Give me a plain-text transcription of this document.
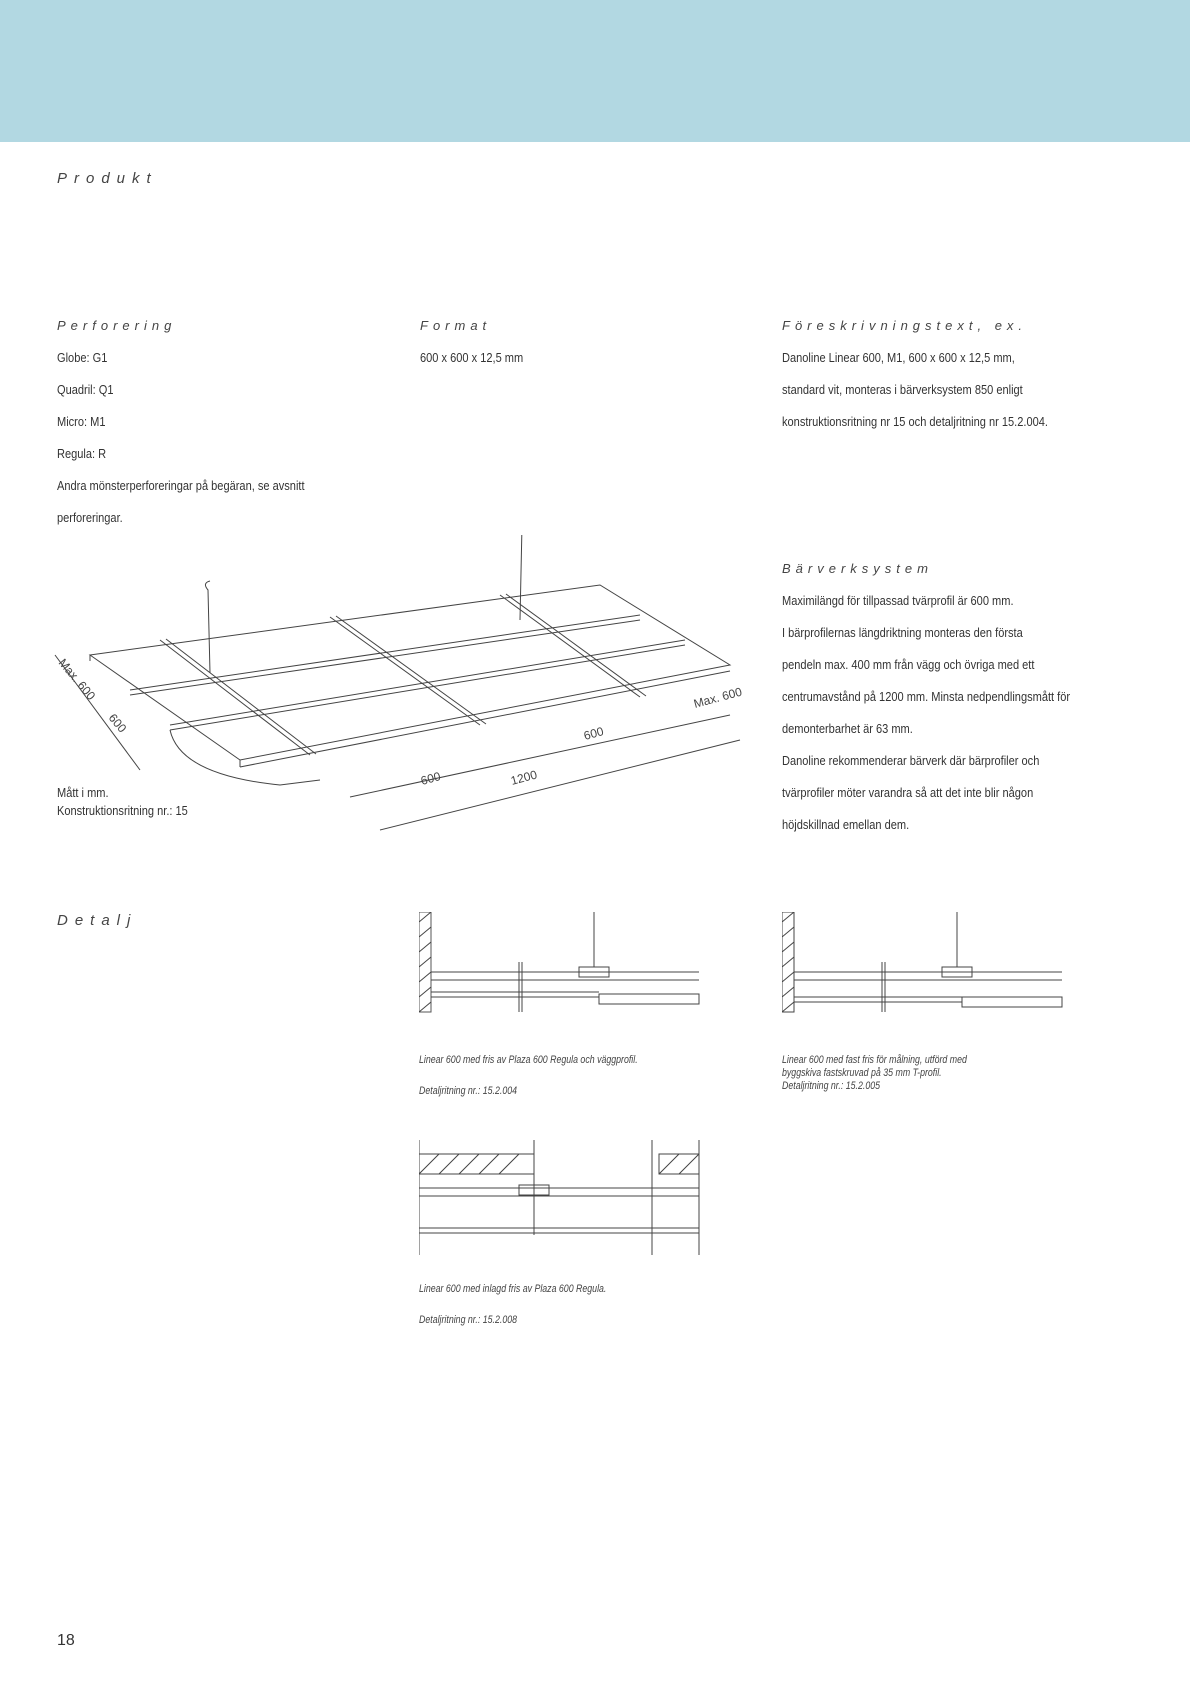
Produkt
Perforering
Globe: G1
Quadril: Q1
Micro: M1
Regula: R
Andra mönsterperforeringar på begäran, se avsnitt
perforeringar.
Format
600 x 600 x 12,5 mm
Föreskrivningstext, ex.
Danoline Linear 600, M1, 600 x 600 x 12,5 mm,
standard vit, monteras i bärverksystem 850 enligt
konstruktionsritning nr 15 och detaljritning nr 15.2.004.
Bärverksystem
Maximilängd för tillpassad tvärprofil är 600 mm.
I bärprofilernas längdriktning monteras den första
pendeln max. 400 mm från vägg och övriga med ett
centrumavstånd på 1200 mm. Minsta nedpendlingsmått för
demonterbarhet är 63 mm.
Danoline rekommenderar bärverk där bärprofiler och
tvärprofiler möter varandra så att det inte blir någon
höjdskillnad emellan dem.
Max. 600
600
Max. 600
600
600	1200
Mått i mm.
Konstruktionsritning nr.: 15
Detalj
Linear 600 med fris av Plaza 600 Regula och väggprofil.
Detaljritning nr.: 15.2.004
Linear 600 med fast fris för målning, utförd med
byggskiva fastskruvad på 35 mm T-profil.
Detaljritning nr.: 15.2.005
Linear 600 med inlagd fris av Plaza 600 Regula.
Detaljritning nr.: 15.2.008
18
